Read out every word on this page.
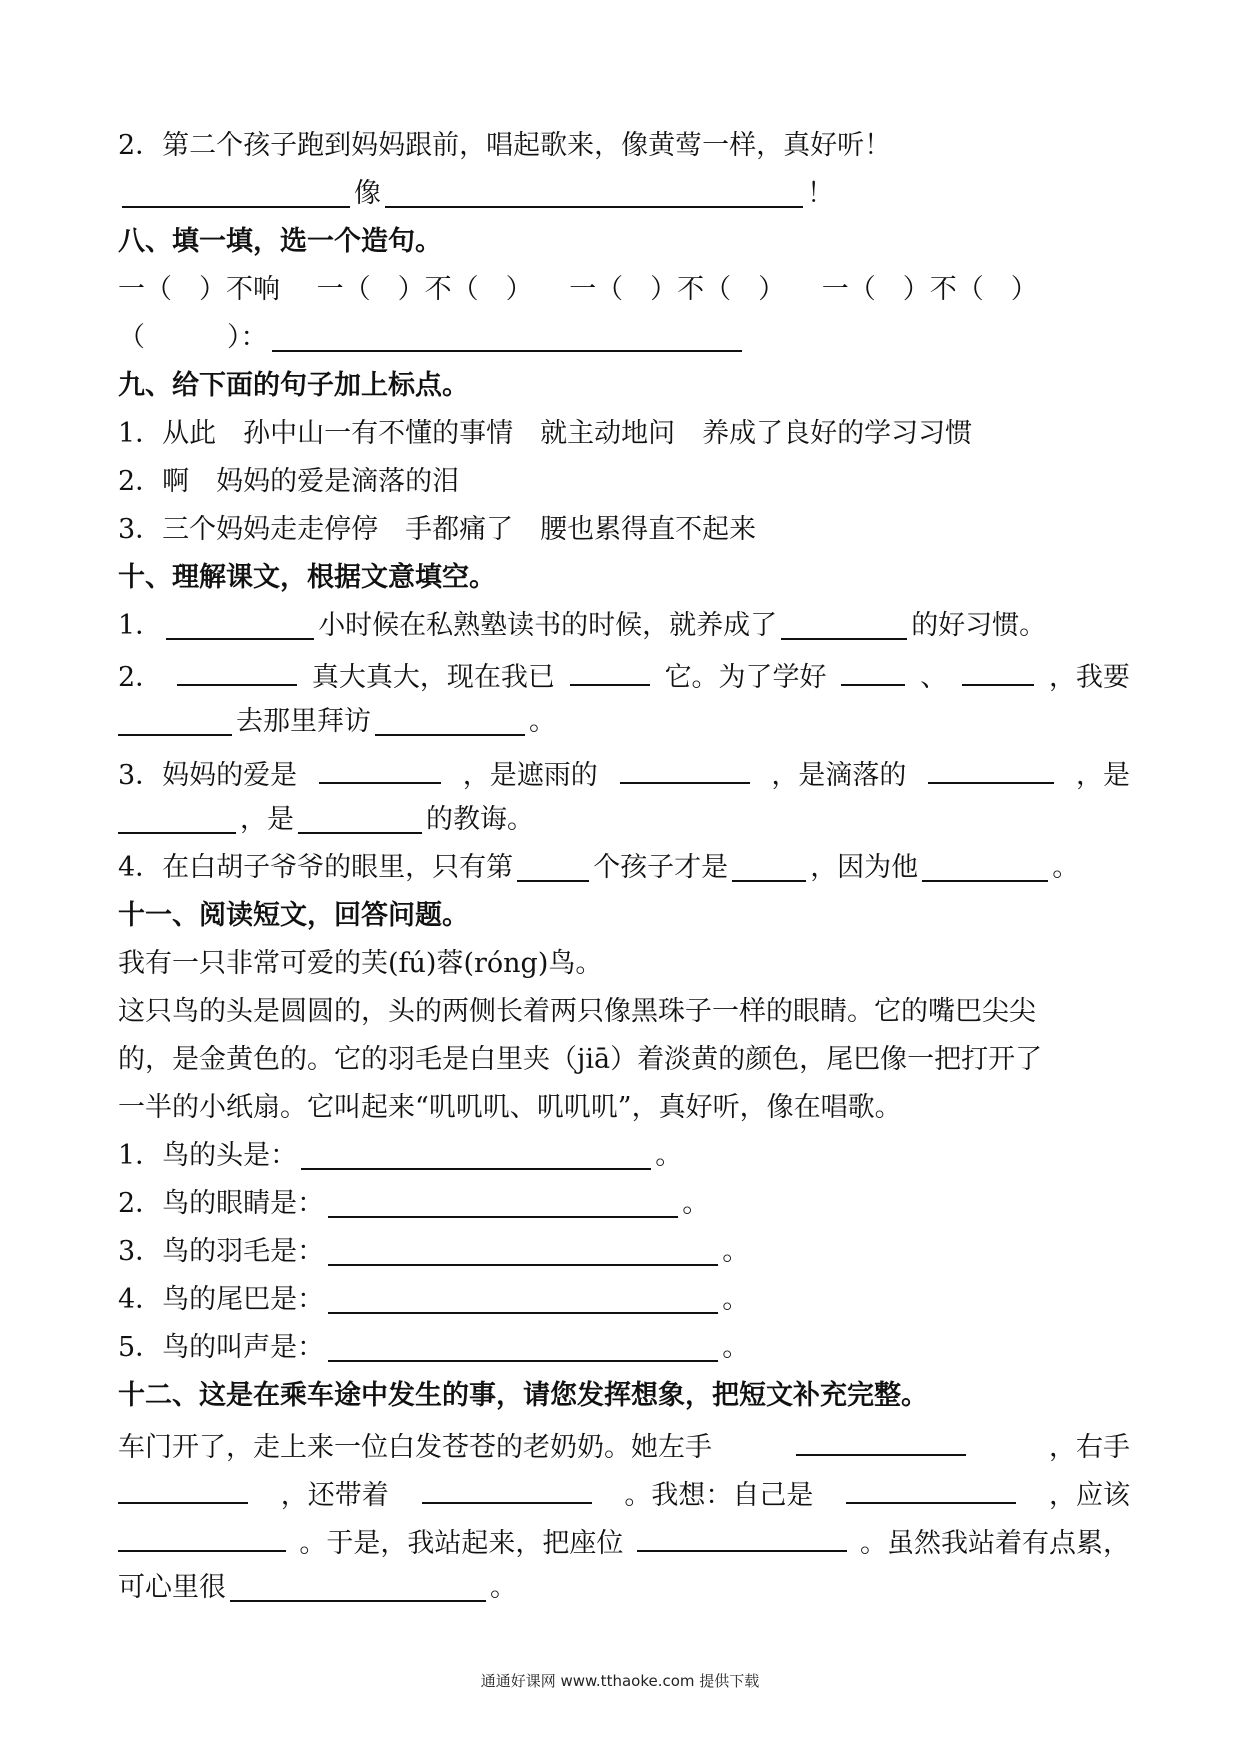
2．第二个孩子跑到妈妈跟前，唱起歌来，像黄莺一样，真好听！
像	！
八、填一填，选一个造句。
一（　）不响 一（　）不（　） 一（　）不（　） 一（　）不（　）
（	）：
九、给下面的句子加上标点。
1．从此　孙中山一有不懂的事情　就主动地问　养成了良好的学习习惯
2．啊　妈妈的爱是滴落的泪
3．三个妈妈走走停停　手都痛了　腰也累得直不起来
十、理解课文，根据文意填空。
1．	小时候在私熟塾读书的时候，就养成了	的好习惯。
2．	真大真大，现在我已	它。为了学好	、	，我要
去那里拜访	。
3．妈妈的爱是	，是遮雨的	，是滴落的	，是
，是	的教诲。
4．在白胡子爷爷的眼里，只有第	个孩子才是	，因为他	。
十一、阅读短文，回答问题。
我有一只非常可爱的芙(fú)蓉(róng)鸟。
这只鸟的头是圆圆的，头的两侧长着两只像黑珠子一样的眼睛。它的嘴巴尖尖
的，是金黄色的。它的羽毛是白里夹（jiā）着淡黄的颜色，尾巴像一把打开了
一半的小纸扇。它叫起来“叽叽叽、叽叽叽”，真好听，像在唱歌。
1．鸟的头是：	。
2．鸟的眼睛是：	。
3．鸟的羽毛是：	。
4．鸟的尾巴是：	。
5．鸟的叫声是：	。
十二、这是在乘车途中发生的事，请您发挥想象，把短文补充完整。
车门开了，走上来一位白发苍苍的老奶奶。她左手	，右手
，还带着	。我想：自己是	，应该
。于是，我站起来，把座位	。虽然我站着有点累，
可心里很	。
通通好课网 www.tthaoke.com 提供下载
